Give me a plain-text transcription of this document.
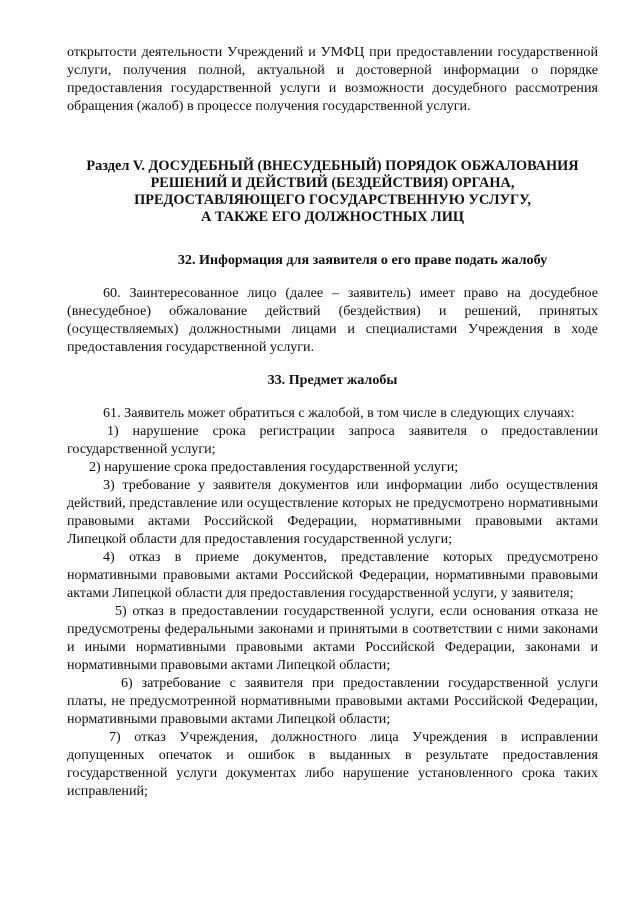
открытости деятельности Учреждений и УМФЦ при предоставлении государственной услуги, получения полной, актуальной и достоверной информации о порядке предоставления государственной услуги и возможности досудебного рассмотрения обращения (жалоб) в процессе получения государственной услуги.

Раздел V. ДОСУДЕБНЫЙ (ВНЕСУДЕБНЫЙ) ПОРЯДОК ОБЖАЛОВАНИЯ
РЕШЕНИЙ И ДЕЙСТВИЙ (БЕЗДЕЙСТВИЯ) ОРГАНА,
ПРЕДОСТАВЛЯЮЩЕГО ГОСУДАРСТВЕННУЮ УСЛУГУ,
А ТАКЖЕ ЕГО ДОЛЖНОСТНЫХ ЛИЦ
32. Информация для заявителя о его праве подать жалобу

60. Заинтересованное лицо (далее – заявитель) имеет право на досудебное (внесудебное) обжалование действий (бездействия) и решений, принятых (осуществляемых) должностными лицами и специалистами Учреждения в ходе предоставления государственной услуги.

33. Предмет жалобы

61. Заявитель может обратиться с жалобой, в том числе в следующих случаях:

1) нарушение срока регистрации запроса заявителя о предоставлении государственной услуги;

2) нарушение срока предоставления государственной услуги;

3) требование у заявителя документов или информации либо осуществления действий, представление или осуществление которых не предусмотрено нормативными правовыми актами Российской Федерации, нормативными правовыми актами Липецкой области для предоставления государственной услуги;

4) отказ в приеме документов, представление которых предусмотрено нормативными правовыми актами Российской Федерации, нормативными правовыми актами Липецкой области для предоставления государственной услуги, у заявителя;

5) отказ в предоставлении государственной услуги, если основания отказа не предусмотрены федеральными законами и принятыми в соответствии с ними законами и иными нормативными правовыми актами Российской Федерации, законами и нормативными правовыми актами Липецкой области;

6) затребование с заявителя при предоставлении государственной услуги платы, не предусмотренной нормативными правовыми актами Российской Федерации, нормативными правовыми актами Липецкой области;

7) отказ Учреждения, должностного лица Учреждения в исправлении допущенных опечаток и ошибок в выданных в результате предоставления государственной услуги документах либо нарушение установленного срока таких исправлений;
